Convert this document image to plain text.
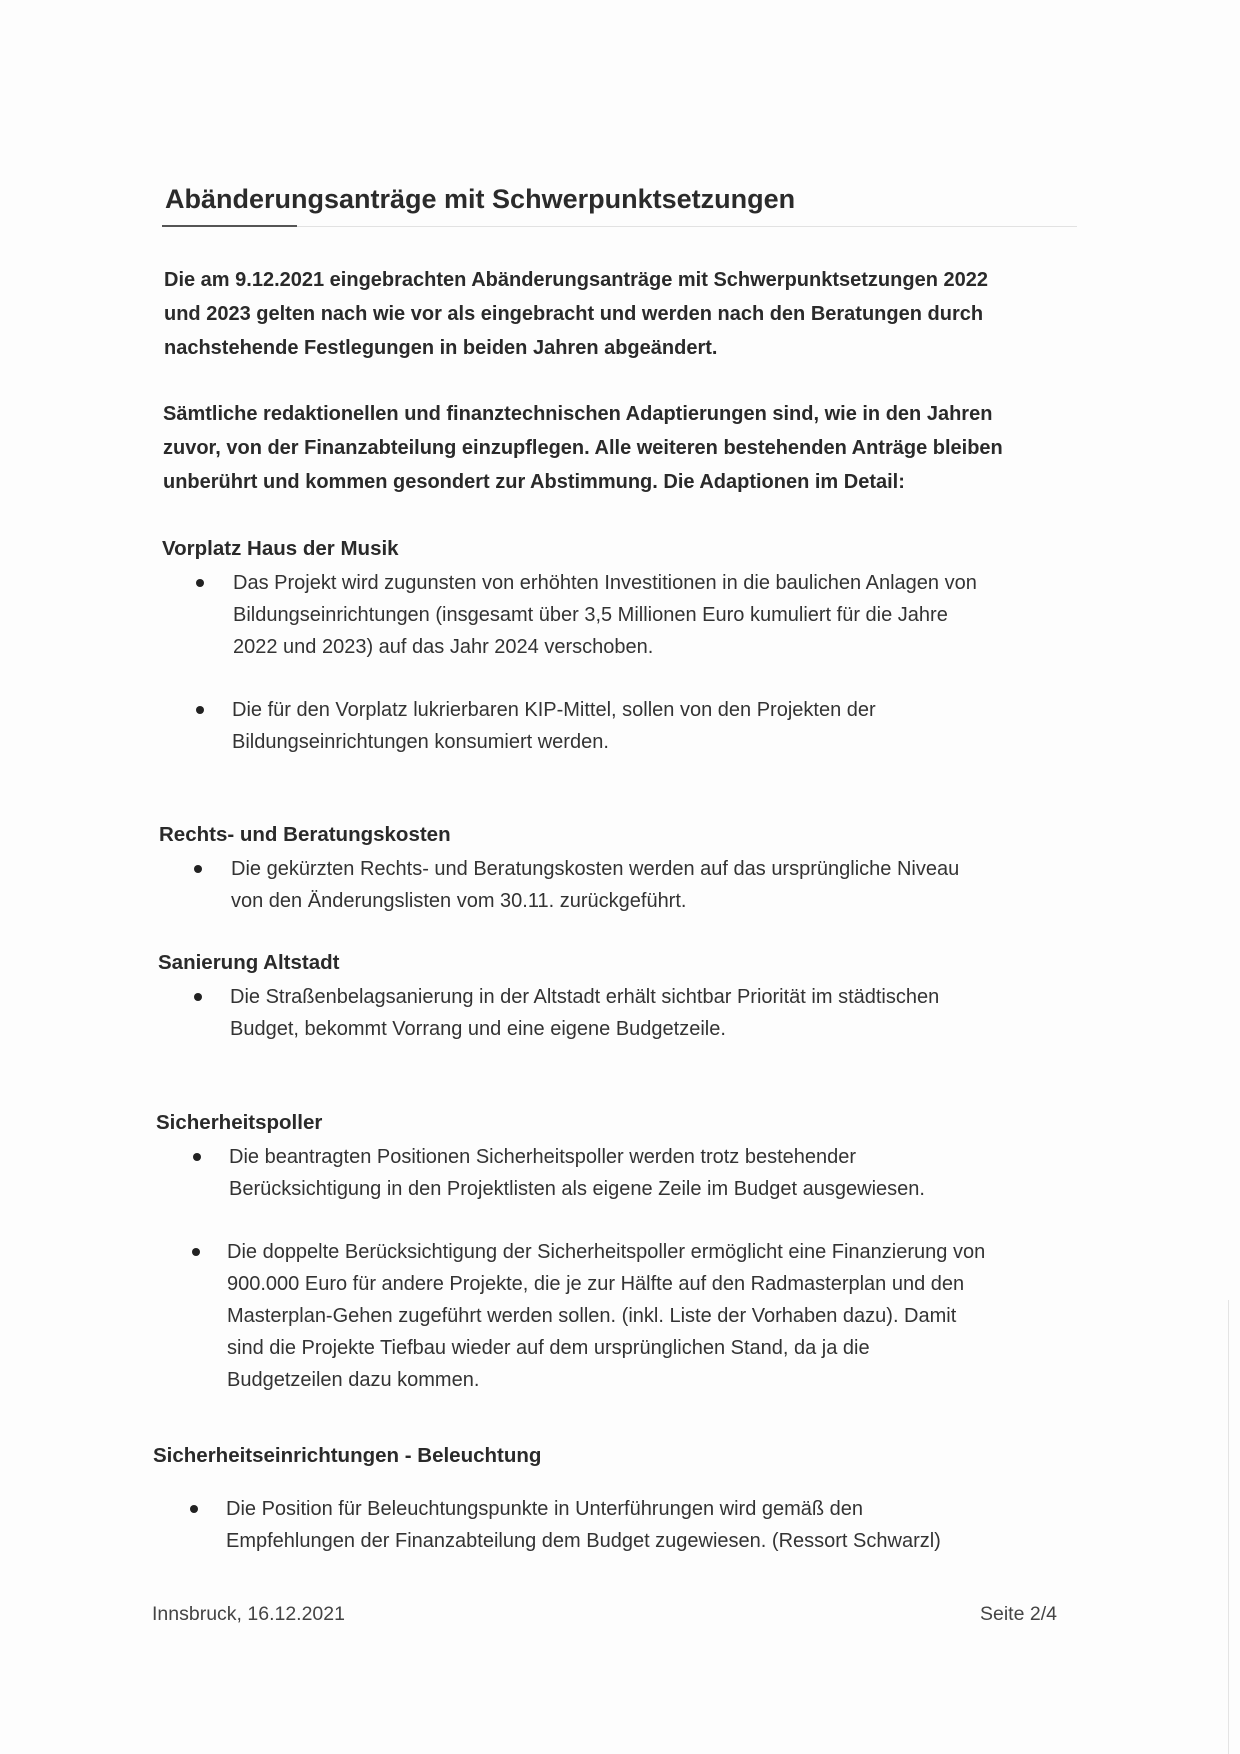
Abänderungsanträge mit Schwerpunktsetzungen
Die am 9.12.2021 eingebrachten Abänderungsanträge mit Schwerpunktsetzungen 2022
und 2023 gelten nach wie vor als eingebracht und werden nach den Beratungen durch
nachstehende Festlegungen in beiden Jahren abgeändert.
Sämtliche redaktionellen und finanztechnischen Adaptierungen sind, wie in den Jahren
zuvor, von der Finanzabteilung einzupflegen. Alle weiteren bestehenden Anträge bleiben
unberührt und kommen gesondert zur Abstimmung. Die Adaptionen im Detail:
Vorplatz Haus der Musik
Das Projekt wird zugunsten von erhöhten Investitionen in die baulichen Anlagen von
Bildungseinrichtungen (insgesamt über 3,5 Millionen Euro kumuliert für die Jahre
2022 und 2023) auf das Jahr 2024 verschoben.
Die für den Vorplatz lukrierbaren KIP-Mittel, sollen von den Projekten der
Bildungseinrichtungen konsumiert werden.
Rechts- und Beratungskosten
Die gekürzten Rechts- und Beratungskosten werden auf das ursprüngliche Niveau
von den Änderungslisten vom 30.11. zurückgeführt.
Sanierung Altstadt
Die Straßenbelagsanierung in der Altstadt erhält sichtbar Priorität im städtischen
Budget, bekommt Vorrang und eine eigene Budgetzeile.
Sicherheitspoller
Die beantragten Positionen Sicherheitspoller werden trotz bestehender
Berücksichtigung in den Projektlisten als eigene Zeile im Budget ausgewiesen.
Die doppelte Berücksichtigung der Sicherheitspoller ermöglicht eine Finanzierung von
900.000 Euro für andere Projekte, die je zur Hälfte auf den Radmasterplan und den
Masterplan-Gehen zugeführt werden sollen. (inkl. Liste der Vorhaben dazu). Damit
sind die Projekte Tiefbau wieder auf dem ursprünglichen Stand, da ja die
Budgetzeilen dazu kommen.
Sicherheitseinrichtungen - Beleuchtung
Die Position für Beleuchtungspunkte in Unterführungen wird gemäß den
Empfehlungen der Finanzabteilung dem Budget zugewiesen. (Ressort Schwarzl)
Innsbruck, 16.12.2021	Seite 2/4
